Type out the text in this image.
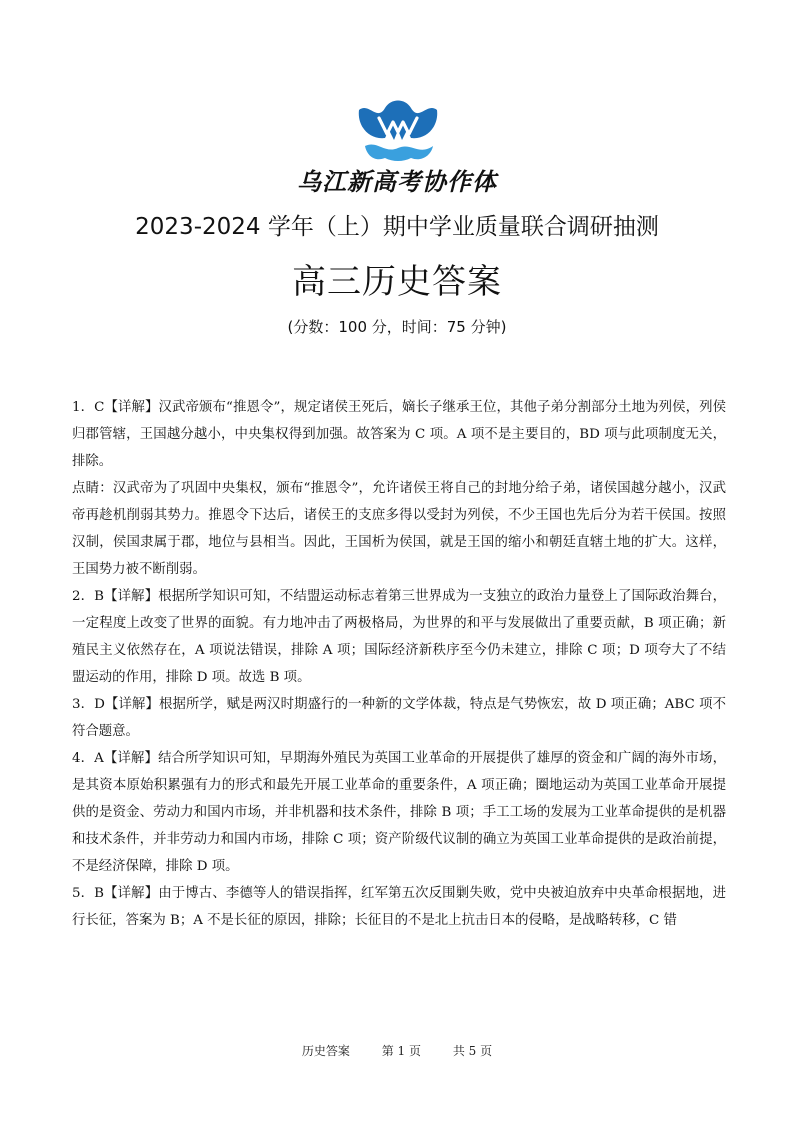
乌江新高考协作体
2023-2024 学年（上）期中学业质量联合调研抽测
高三历史答案
(分数：100 分，时间：75 分钟)

1．C【详解】汉武帝颁布“推恩令”，规定诸侯王死后，嫡长子继承王位，其他子弟分割部分土地为列侯，列侯归郡管辖，王国越分越小，中央集权得到加强。故答案为 C 项。A 项不是主要目的，BD 项与此项制度无关，排除。

点睛：汉武帝为了巩固中央集权，颁布“推恩令”，允许诸侯王将自己的封地分给子弟，诸侯国越分越小，汉武帝再趁机削弱其势力。推恩令下达后，诸侯王的支庶多得以受封为列侯，不少王国也先后分为若干侯国。按照汉制，侯国隶属于郡，地位与县相当。因此，王国析为侯国，就是王国的缩小和朝廷直辖土地的扩大。这样，王国势力被不断削弱。

2．B【详解】根据所学知识可知，不结盟运动标志着第三世界成为一支独立的政治力量登上了国际政治舞台，一定程度上改变了世界的面貌。有力地冲击了两极格局，为世界的和平与发展做出了重要贡献，B 项正确；新殖民主义依然存在，A 项说法错误，排除 A 项；国际经济新秩序至今仍未建立，排除 C 项；D 项夸大了不结盟运动的作用，排除 D 项。故选 B 项。

3．D【详解】根据所学，赋是两汉时期盛行的一种新的文学体裁，特点是气势恢宏，故 D 项正确；ABC 项不符合题意。

4．A【详解】结合所学知识可知，早期海外殖民为英国工业革命的开展提供了雄厚的资金和广阔的海外市场，是其资本原始积累强有力的形式和最先开展工业革命的重要条件，A 项正确；圈地运动为英国工业革命开展提供的是资金、劳动力和国内市场，并非机器和技术条件，排除 B 项；手工工场的发展为工业革命提供的是机器和技术条件，并非劳动力和国内市场，排除 C 项；资产阶级代议制的确立为英国工业革命提供的是政治前提，不是经济保障，排除 D 项。

5．B【详解】由于博古、李德等人的错误指挥，红军第五次反围剿失败，党中央被迫放弃中央革命根据地，进行长征，答案为 B；A 不是长征的原因，排除；长征目的不是北上抗击日本的侵略，是战略转移，C 错

历史答案	第 1 页	共 5 页
